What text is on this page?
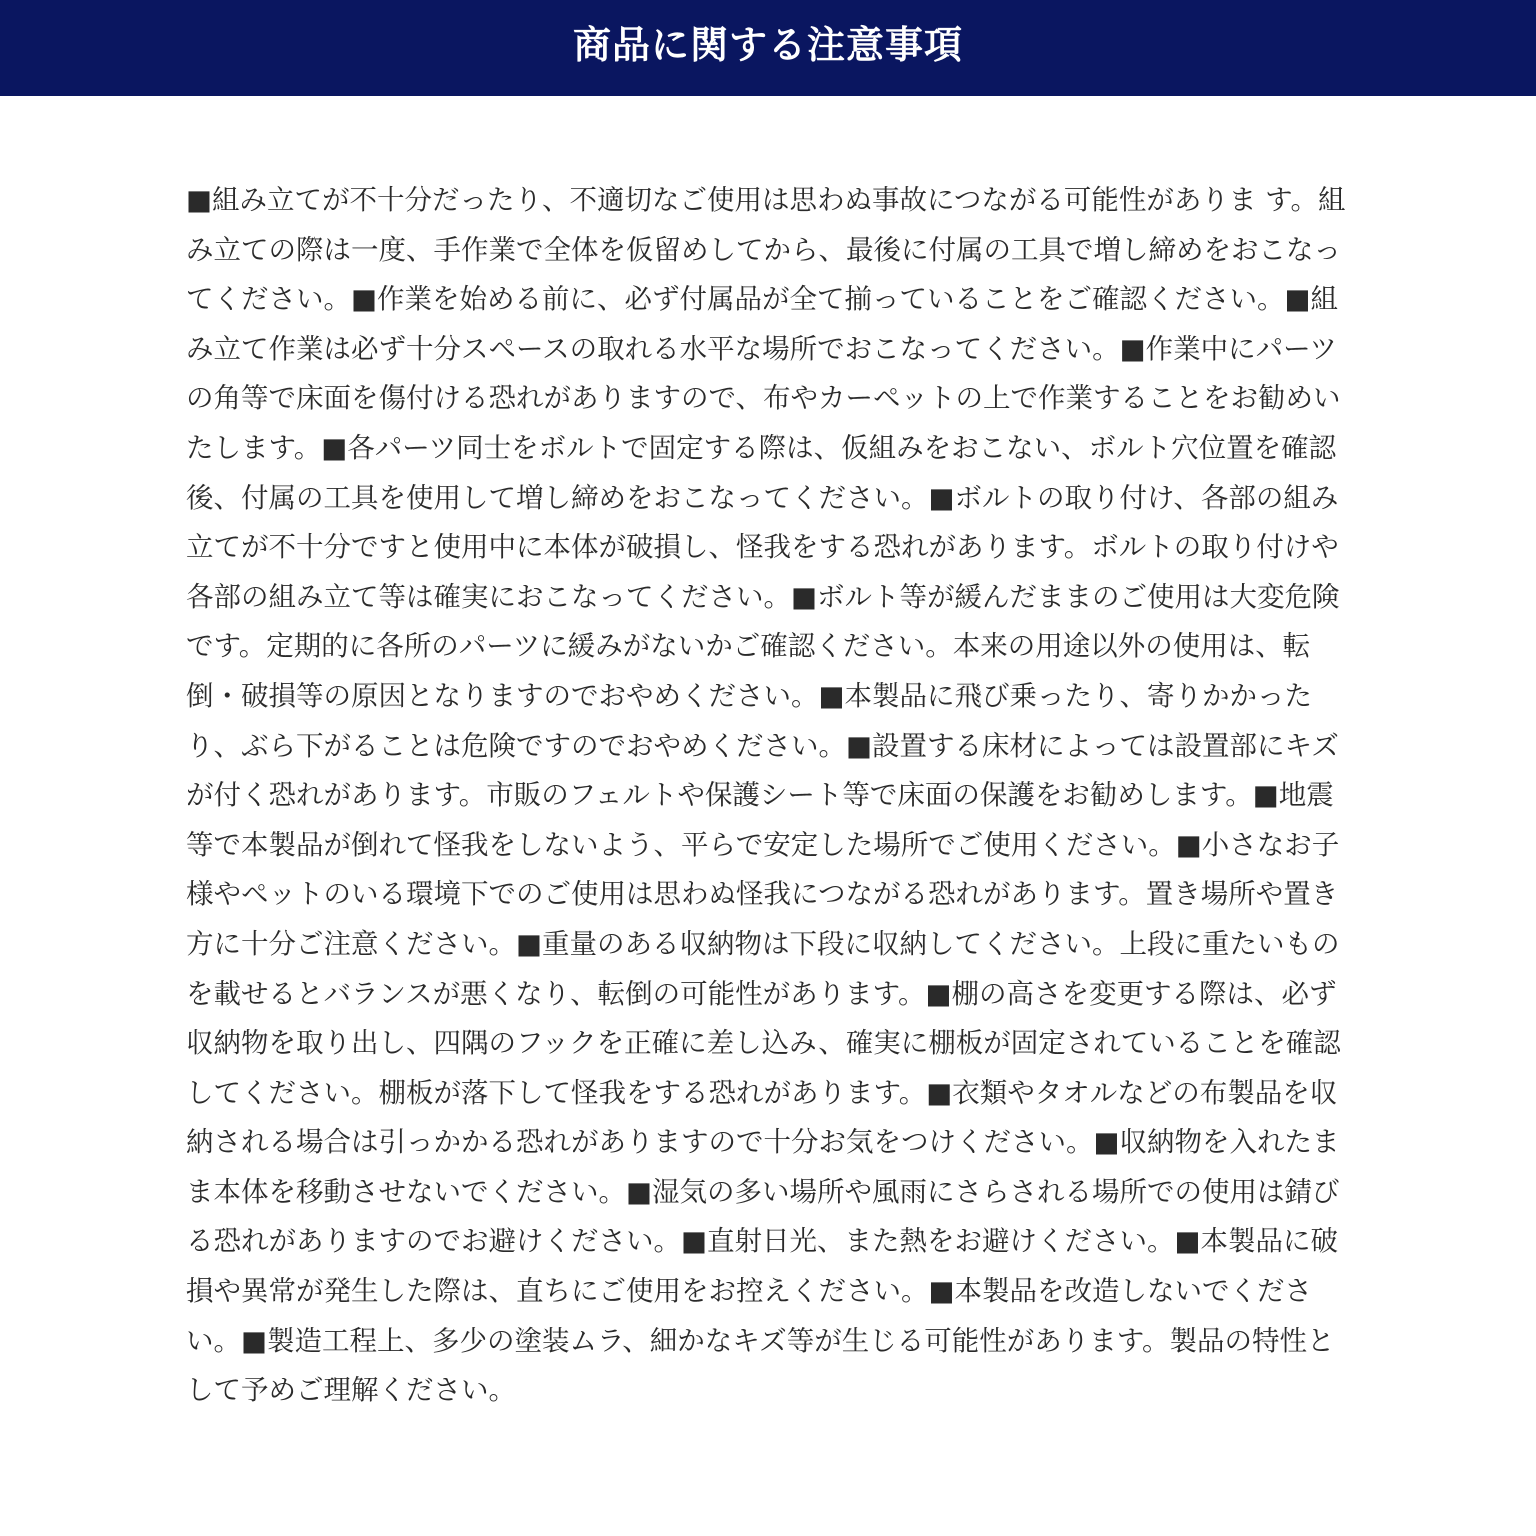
商品に関する注意事項
■組み立てが不十分だったり、不適切なご使用は思わぬ事故につながる可能性がありま す。組み立ての際は一度、手作業で全体を仮留めしてから、最後に付属の工具で増し締めをおこなってください。■作業を始める前に、必ず付属品が全て揃っていることをご確認ください。■組み立て作業は必ず十分スペースの取れる水平な場所でおこなってください。■作業中にパーツの角等で床面を傷付ける恐れがありますので、布やカーペットの上で作業することをお勧めいたします。■各パーツ同士をボルトで固定する際は、仮組みをおこない、ボルト穴位置を確認後、付属の工具を使用して増し締めをおこなってください。■ボルトの取り付け、各部の組み立てが不十分ですと使用中に本体が破損し、怪我をする恐れがあります。ボルトの取り付けや各部の組み立て等は確実におこなってください。■ボルト等が緩んだままのご使用は大変危険です。定期的に各所のパーツに緩みがないかご確認ください。本来の用途以外の使用は、転倒・破損等の原因となりますのでおやめください。■本製品に飛び乗ったり、寄りかかったり、ぶら下がることは危険ですのでおやめください。■設置する床材によっては設置部にキズが付く恐れがあります。市販のフェルトや保護シート等で床面の保護をお勧めします。■地震等で本製品が倒れて怪我をしないよう、平らで安定した場所でご使用ください。■小さなお子様やペットのいる環境下でのご使用は思わぬ怪我につながる恐れがあります。置き場所や置き方に十分ご注意ください。■重量のある収納物は下段に収納してください。上段に重たいものを載せるとバランスが悪くなり、転倒の可能性があります。■棚の高さを変更する際は、必ず収納物を取り出し、四隅のフックを正確に差し込み、確実に棚板が固定されていることを確認してください。棚板が落下して怪我をする恐れがあります。■衣類やタオルなどの布製品を収納される場合は引っかかる恐れがありますので十分お気をつけください。■収納物を入れたまま本体を移動させないでください。■湿気の多い場所や風雨にさらされる場所での使用は錆びる恐れがありますのでお避けください。■直射日光、また熱をお避けください。■本製品に破損や異常が発生した際は、直ちにご使用をお控えください。■本製品を改造しないでください。■製造工程上、多少の塗装ムラ、細かなキズ等が生じる可能性があります。製品の特性として予めご理解ください。
